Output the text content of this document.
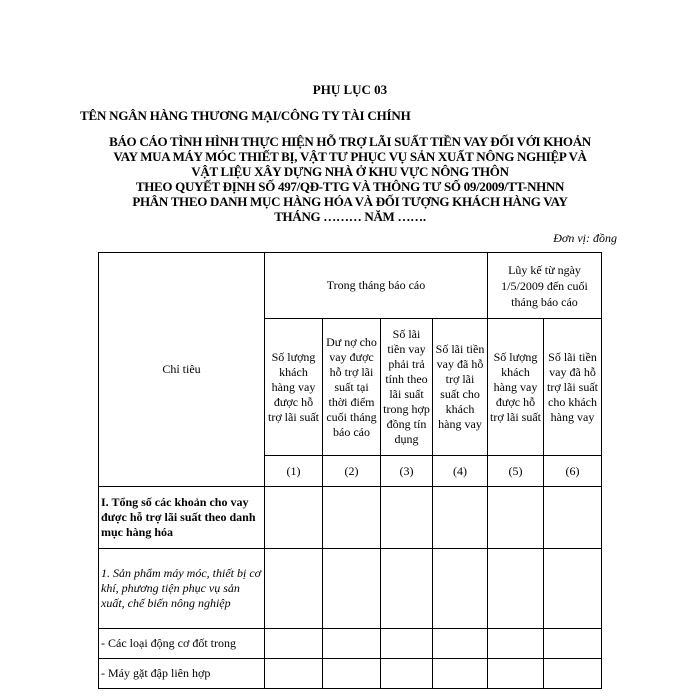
PHỤ LỤC 03
TÊN NGÂN HÀNG THƯƠNG MẠI/CÔNG TY TÀI CHÍNH
BÁO CÁO TÌNH HÌNH THỰC HIỆN HỖ TRỢ LÃI SUẤT TIỀN VAY ĐỐI VỚI KHOẢN
VAY MUA MÁY MÓC THIẾT BỊ, VẬT TƯ PHỤC VỤ SẢN XUẤT NÔNG NGHIỆP VÀ
VẬT LIỆU XÂY DỰNG NHÀ Ở KHU VỰC NÔNG THÔN
THEO QUYẾT ĐỊNH SỐ 497/QĐ-TTG VÀ THÔNG TƯ SỐ 09/2009/TT-NHNN
PHÂN THEO DANH MỤC HÀNG HÓA VÀ ĐỐI TƯỢNG KHÁCH HÀNG VAY
THÁNG ……… NĂM …….
Đơn vị: đồng
Chỉ tiêu	Trong tháng báo cáo				Lũy kế từ ngày 1/5/2009 đến cuối tháng báo cáo	
	Số lượng khách hàng vay được hỗ trợ lãi suất	Dư nợ cho vay được hỗ trợ lãi suất tại thời điểm cuối tháng báo cáo	Số lãi tiền vay phải trả tính theo lãi suất trong hợp đồng tín dụng	Số lãi tiền vay đã hỗ trợ lãi suất cho khách hàng vay	Số lượng khách hàng vay được hỗ trợ lãi suất	Số lãi tiền vay đã hỗ trợ lãi suất cho khách hàng vay
	(1)	(2)	(3)	(4)	(5)	(6)
I. Tổng số các khoản cho vay được hỗ trợ lãi suất theo danh mục hàng hóa						
1. Sản phẩm máy móc, thiết bị cơ khí, phương tiện phục vụ sản xuất, chế biến nông nghiệp						
- Các loại động cơ đốt trong						
- Máy gặt đập liên hợp						
